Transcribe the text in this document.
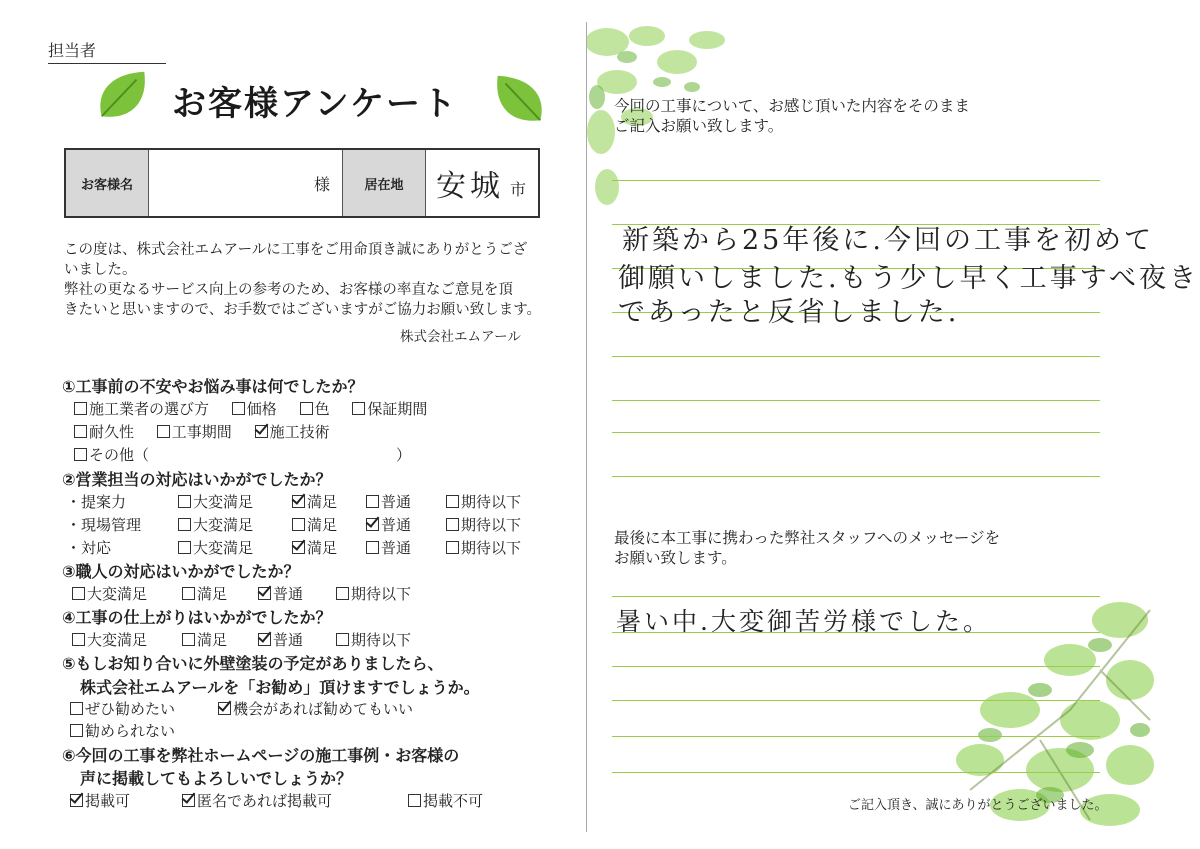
担当者
お客様アンケート
お客様名	様	居在地	安城 市
この度は、株式会社エムアールに工事をご用命頂き誠にありがとうござ
いました。
弊社の更なるサービス向上の参考のため、お客様の率直なご意見を頂
きたいと思いますので、お手数ではございますがご協力お願い致します。
株式会社エムアール
①工事前の不安やお悩み事は何でしたか？
施工業者の選び方	価格	色	保証期間
耐久性	工事期間	施工技術
その他（	）
②営業担当の対応はいかがでしたか？
・提案力	大変満足	満足	普通	期待以下
・現場管理	大変満足	満足	普通	期待以下
・対応	大変満足	満足	普通	期待以下
③職人の対応はいかがでしたか？
大変満足	満足	普通	期待以下
④工事の仕上がりはいかがでしたか？
大変満足	満足	普通	期待以下
⑤もしお知り合いに外壁塗装の予定がありましたら、
株式会社エムアールを「お勧め」頂けますでしょうか。
ぜひ勧めたい	機会があれば勧めてもいい
勧められない
⑥今回の工事を弊社ホームページの施工事例・お客様の
声に掲載してもよろしいでしょうか？
掲載可	匿名であれば掲載可	掲載不可
今回の工事について、お感じ頂いた内容をそのまま
ご記入お願い致します。
新築から25年後に.今回の工事を初めて
御願いしました.もう少し早く工事すべ夜き
であったと反省しました.
最後に本工事に携わった弊社スタッフへのメッセージを
お願い致します。
暑い中.大変御苦労様でした。
ご記入頂き、誠にありがとうございました。
